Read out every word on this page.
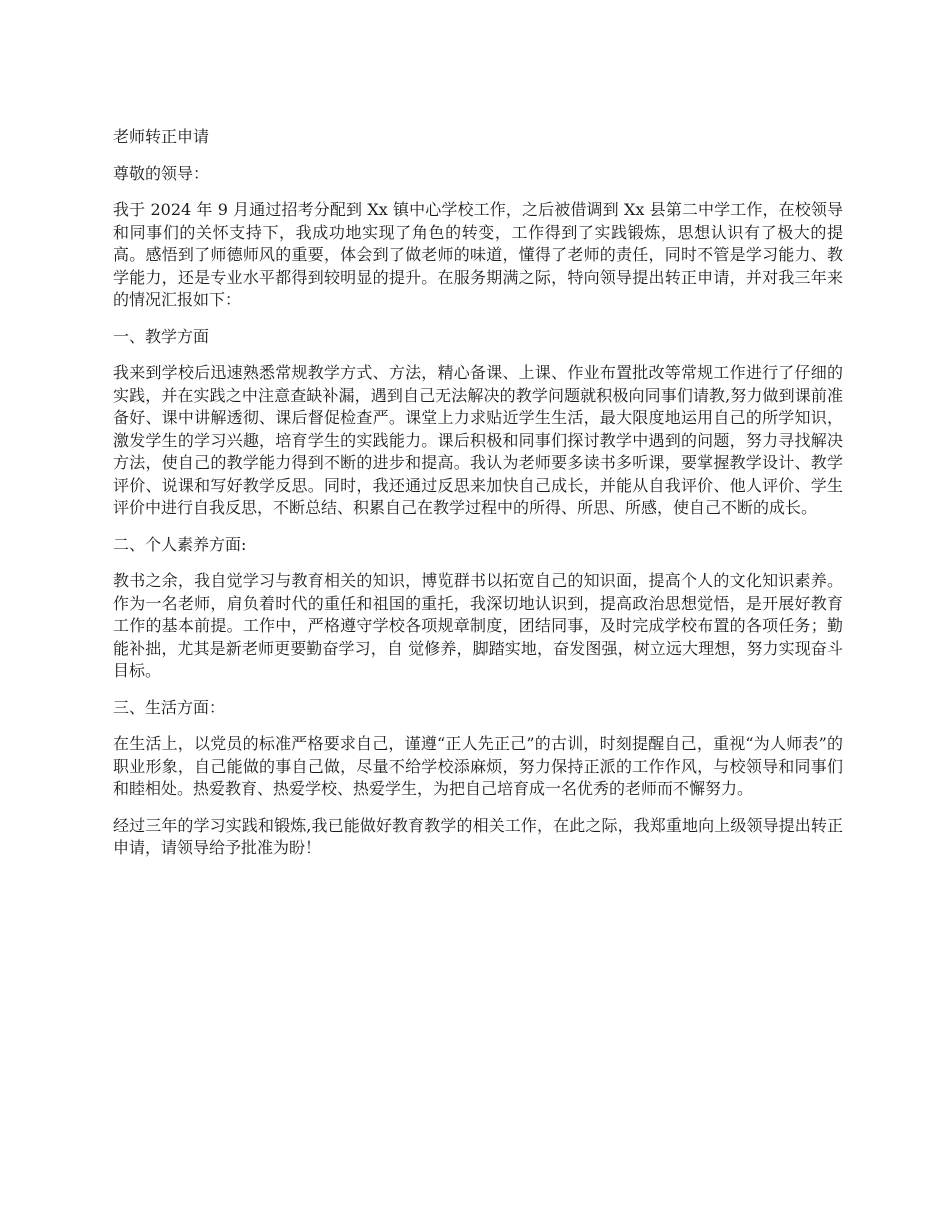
老师转正申请

尊敬的领导：

我于 2024 年 9 月通过招考分配到 Xx 镇中心学校工作，之后被借调到 Xx 县第二中学工作，在校领导和同事们的关怀支持下，我成功地实现了角色的转变，工作得到了实践锻炼，思想认识有了极大的提高。感悟到了师德师风的重要，体会到了做老师的味道，懂得了老师的责任，同时不管是学习能力、教学能力，还是专业水平都得到较明显的提升。在服务期满之际，特向领导提出转正申请，并对我三年来的情况汇报如下：

一、教学方面

我来到学校后迅速熟悉常规教学方式、方法，精心备课、上课、作业布置批改等常规工作进行了仔细的实践，并在实践之中注意查缺补漏，遇到自己无法解决的教学问题就积极向同事们请教,努力做到课前准备好、课中讲解透彻、课后督促检查严。课堂上力求贴近学生生活，最大限度地运用自己的所学知识，激发学生的学习兴趣，培育学生的实践能力。课后积极和同事们探讨教学中遇到的问题，努力寻找解决方法，使自己的教学能力得到不断的进步和提高。我认为老师要多读书多听课，要掌握教学设计、教学评价、说课和写好教学反思。同时，我还通过反思来加快自己成长，并能从自我评价、他人评价、学生评价中进行自我反思，不断总结、积累自己在教学过程中的所得、所思、所感，使自己不断的成长。

二、个人素养方面:

教书之余，我自觉学习与教育相关的知识，博览群书以拓宽自己的知识面，提高个人的文化知识素养。作为一名老师，肩负着时代的重任和祖国的重托，我深切地认识到，提高政治思想觉悟，是开展好教育工作的基本前提。工作中，严格遵守学校各项规章制度，团结同事，及时完成学校布置的各项任务；勤能补拙，尤其是新老师更要勤奋学习，自 觉修养，脚踏实地，奋发图强，树立远大理想，努力实现奋斗目标。

三、生活方面：

在生活上，以党员的标准严格要求自己，谨遵“正人先正己”的古训，时刻提醒自己，重视“为人师表”的职业形象，自己能做的事自己做，尽量不给学校添麻烦，努力保持正派的工作作风，与校领导和同事们和睦相处。热爱教育、热爱学校、热爱学生，为把自己培育成一名优秀的老师而不懈努力。

经过三年的学习实践和锻炼,我已能做好教育教学的相关工作，在此之际，我郑重地向上级领导提出转正申请，请领导给予批准为盼！
